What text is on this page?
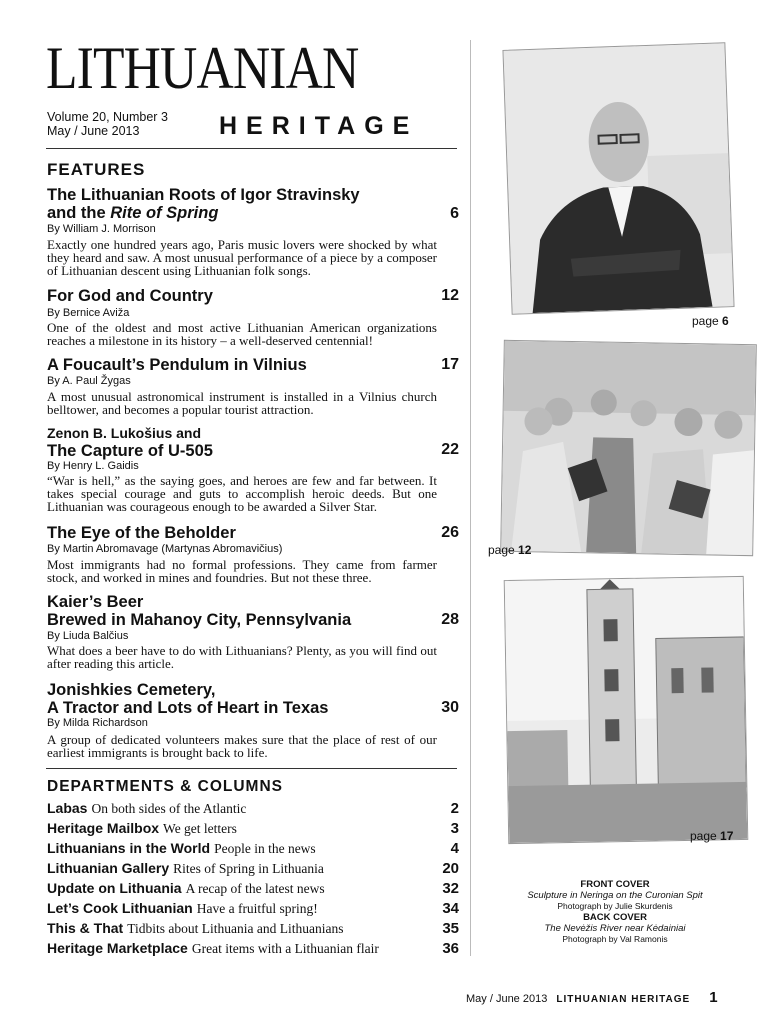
LITHUANIAN
Volume 20, Number 3
May / June 2013	HERITAGE
FEATURES
The Lithuanian Roots of Igor Stravinsky
and the Rite of Spring	6
By William J. Morrison
Exactly one hundred years ago, Paris music lovers were shocked by what they heard and saw. A most unusual performance of a piece by a composer of Lithuanian descent using Lithuanian folk songs.
For God and Country	12
By Bernice Aviža
One of the oldest and most active Lithuanian American organizations reaches a milestone in its history – a well-deserved centennial!
A Foucault’s Pendulum in Vilnius	17
By A. Paul Žygas
A most unusual astronomical instrument is installed in a Vilnius church belltower, and becomes a popular tourist attraction.
Zenon B. Lukošius and
The Capture of U-505	22
By Henry L. Gaidis
“War is hell,” as the saying goes, and heroes are few and far between. It takes special courage and guts to accomplish heroic deeds. But one Lithuanian was courageous enough to be awarded a Silver Star.
The Eye of the Beholder	26
By Martin Abromavage (Martynas Abromavičius)
Most immigrants had no formal professions. They came from farmer stock, and worked in mines and foundries. But not these three.
Kaier’s Beer
Brewed in Mahanoy City, Pennsylvania	28
By Liuda Balčius
What does a beer have to do with Lithuanians? Plenty, as you will find out after reading this article.
Jonishkies Cemetery,
A Tractor and Lots of Heart in Texas	30
By Milda Richardson
A group of dedicated volunteers makes sure that the place of rest of our earliest immigrants is brought back to life.
DEPARTMENTS & COLUMNS
Labas On both sides of the Atlantic	2
Heritage Mailbox We get letters	3
Lithuanians in the World People in the news	4
Lithuanian Gallery Rites of Spring in Lithuania	20
Update on Lithuania A recap of the latest news	32
Let’s Cook Lithuanian Have a fruitful spring!	34
This & That Tidbits about Lithuania and Lithuanians	35
Heritage Marketplace Great items with a Lithuanian flair	36
page 6
page 12
page 17
FRONT COVER
Sculpture in Neringa on the Curonian Spit
Photograph by Julie Skurdenis
BACK COVER
The Nevėžis River near Kėdainiai
Photograph by Val Ramonis
May / June 2013 LITHUANIAN HERITAGE 1
